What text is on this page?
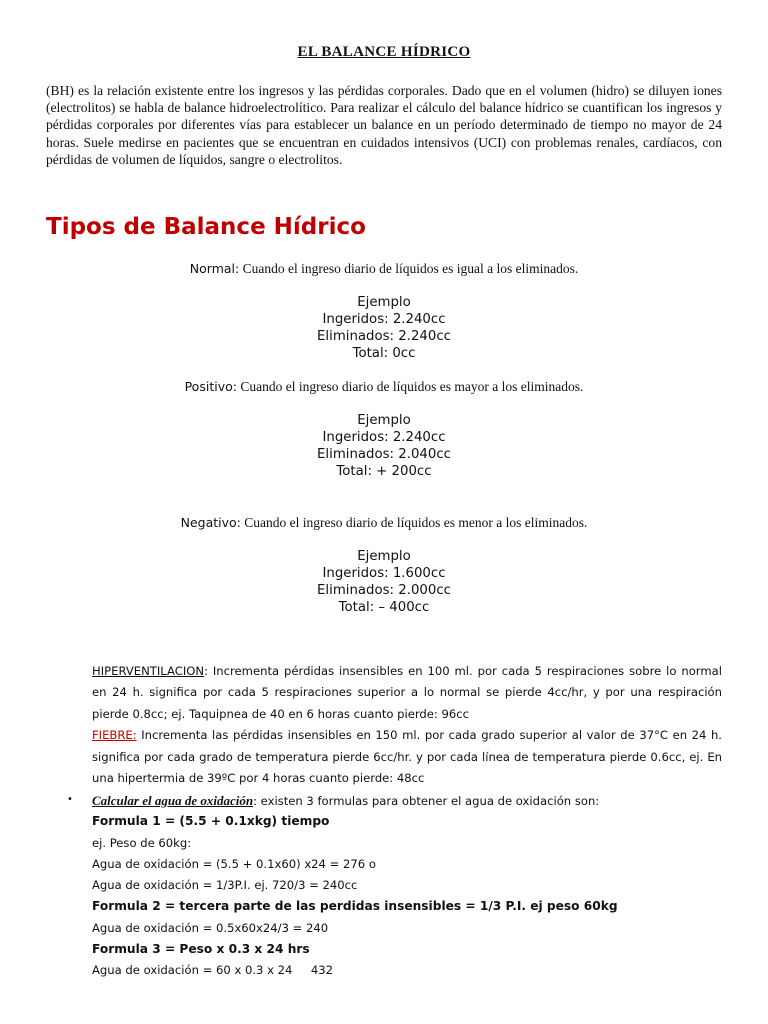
EL BALANCE HÍDRICO

(BH) es la relación existente entre los ingresos y las pérdidas corporales. Dado que en el volumen (hidro) se diluyen iones (electrolitos) se habla de balance hidroelectrolítico. Para realizar el cálculo del balance hídrico se cuantifican los ingresos y pérdidas corporales por diferentes vías para establecer un balance en un período determinado de tiempo no mayor de 24 horas. Suele medirse en pacientes que se encuentran en cuidados intensivos (UCI) con problemas renales, cardíacos, con pérdidas de volumen de líquidos, sangre o electrolitos.

Tipos de Balance Hídrico
Normal: Cuando el ingreso diario de líquidos es igual a los eliminados.
Ejemplo
Ingeridos: 2.240cc
Eliminados: 2.240cc
Total: 0cc
Positivo: Cuando el ingreso diario de líquidos es mayor a los eliminados.
Ejemplo
Ingeridos: 2.240cc
Eliminados: 2.040cc
Total: + 200cc
Negativo: Cuando el ingreso diario de líquidos es menor a los eliminados.
Ejemplo
Ingeridos: 1.600cc
Eliminados: 2.000cc
Total: – 400cc

HIPERVENTILACION: Incrementa pérdidas insensibles en 100 ml. por cada 5 respiraciones sobre lo normal en 24 h. significa por cada 5 respiraciones superior a lo normal se pierde 4cc/hr, y por una respiración pierde 0.8cc; ej. Taquipnea de 40 en 6 horas cuanto pierde: 96cc

FIEBRE: Incrementa las pérdidas insensibles en 150 ml. por cada grado superior al valor de 37°C en 24 h. significa por cada grado de temperatura pierde 6cc/hr. y por cada línea de temperatura pierde 0.6cc, ej. En una hipertermia de 39ºC por 4 horas cuanto pierde: 48cc

• Calcular el agua de oxidación: existen 3 formulas para obtener el agua de oxidación son:
Formula 1 = (5.5 + 0.1xkg) tiempo
ej. Peso de 60kg:
Agua de oxidación = (5.5 + 0.1x60) x24 = 276 o
Agua de oxidación = 1/3P.I. ej. 720/3 = 240cc
Formula 2 = tercera parte de las perdidas insensibles = 1/3 P.I. ej peso 60kg
Agua de oxidación = 0.5x60x24/3 = 240
Formula 3 = Peso x 0.3 x 24 hrs
Agua de oxidación = 60 x 0.3 x 24     432
